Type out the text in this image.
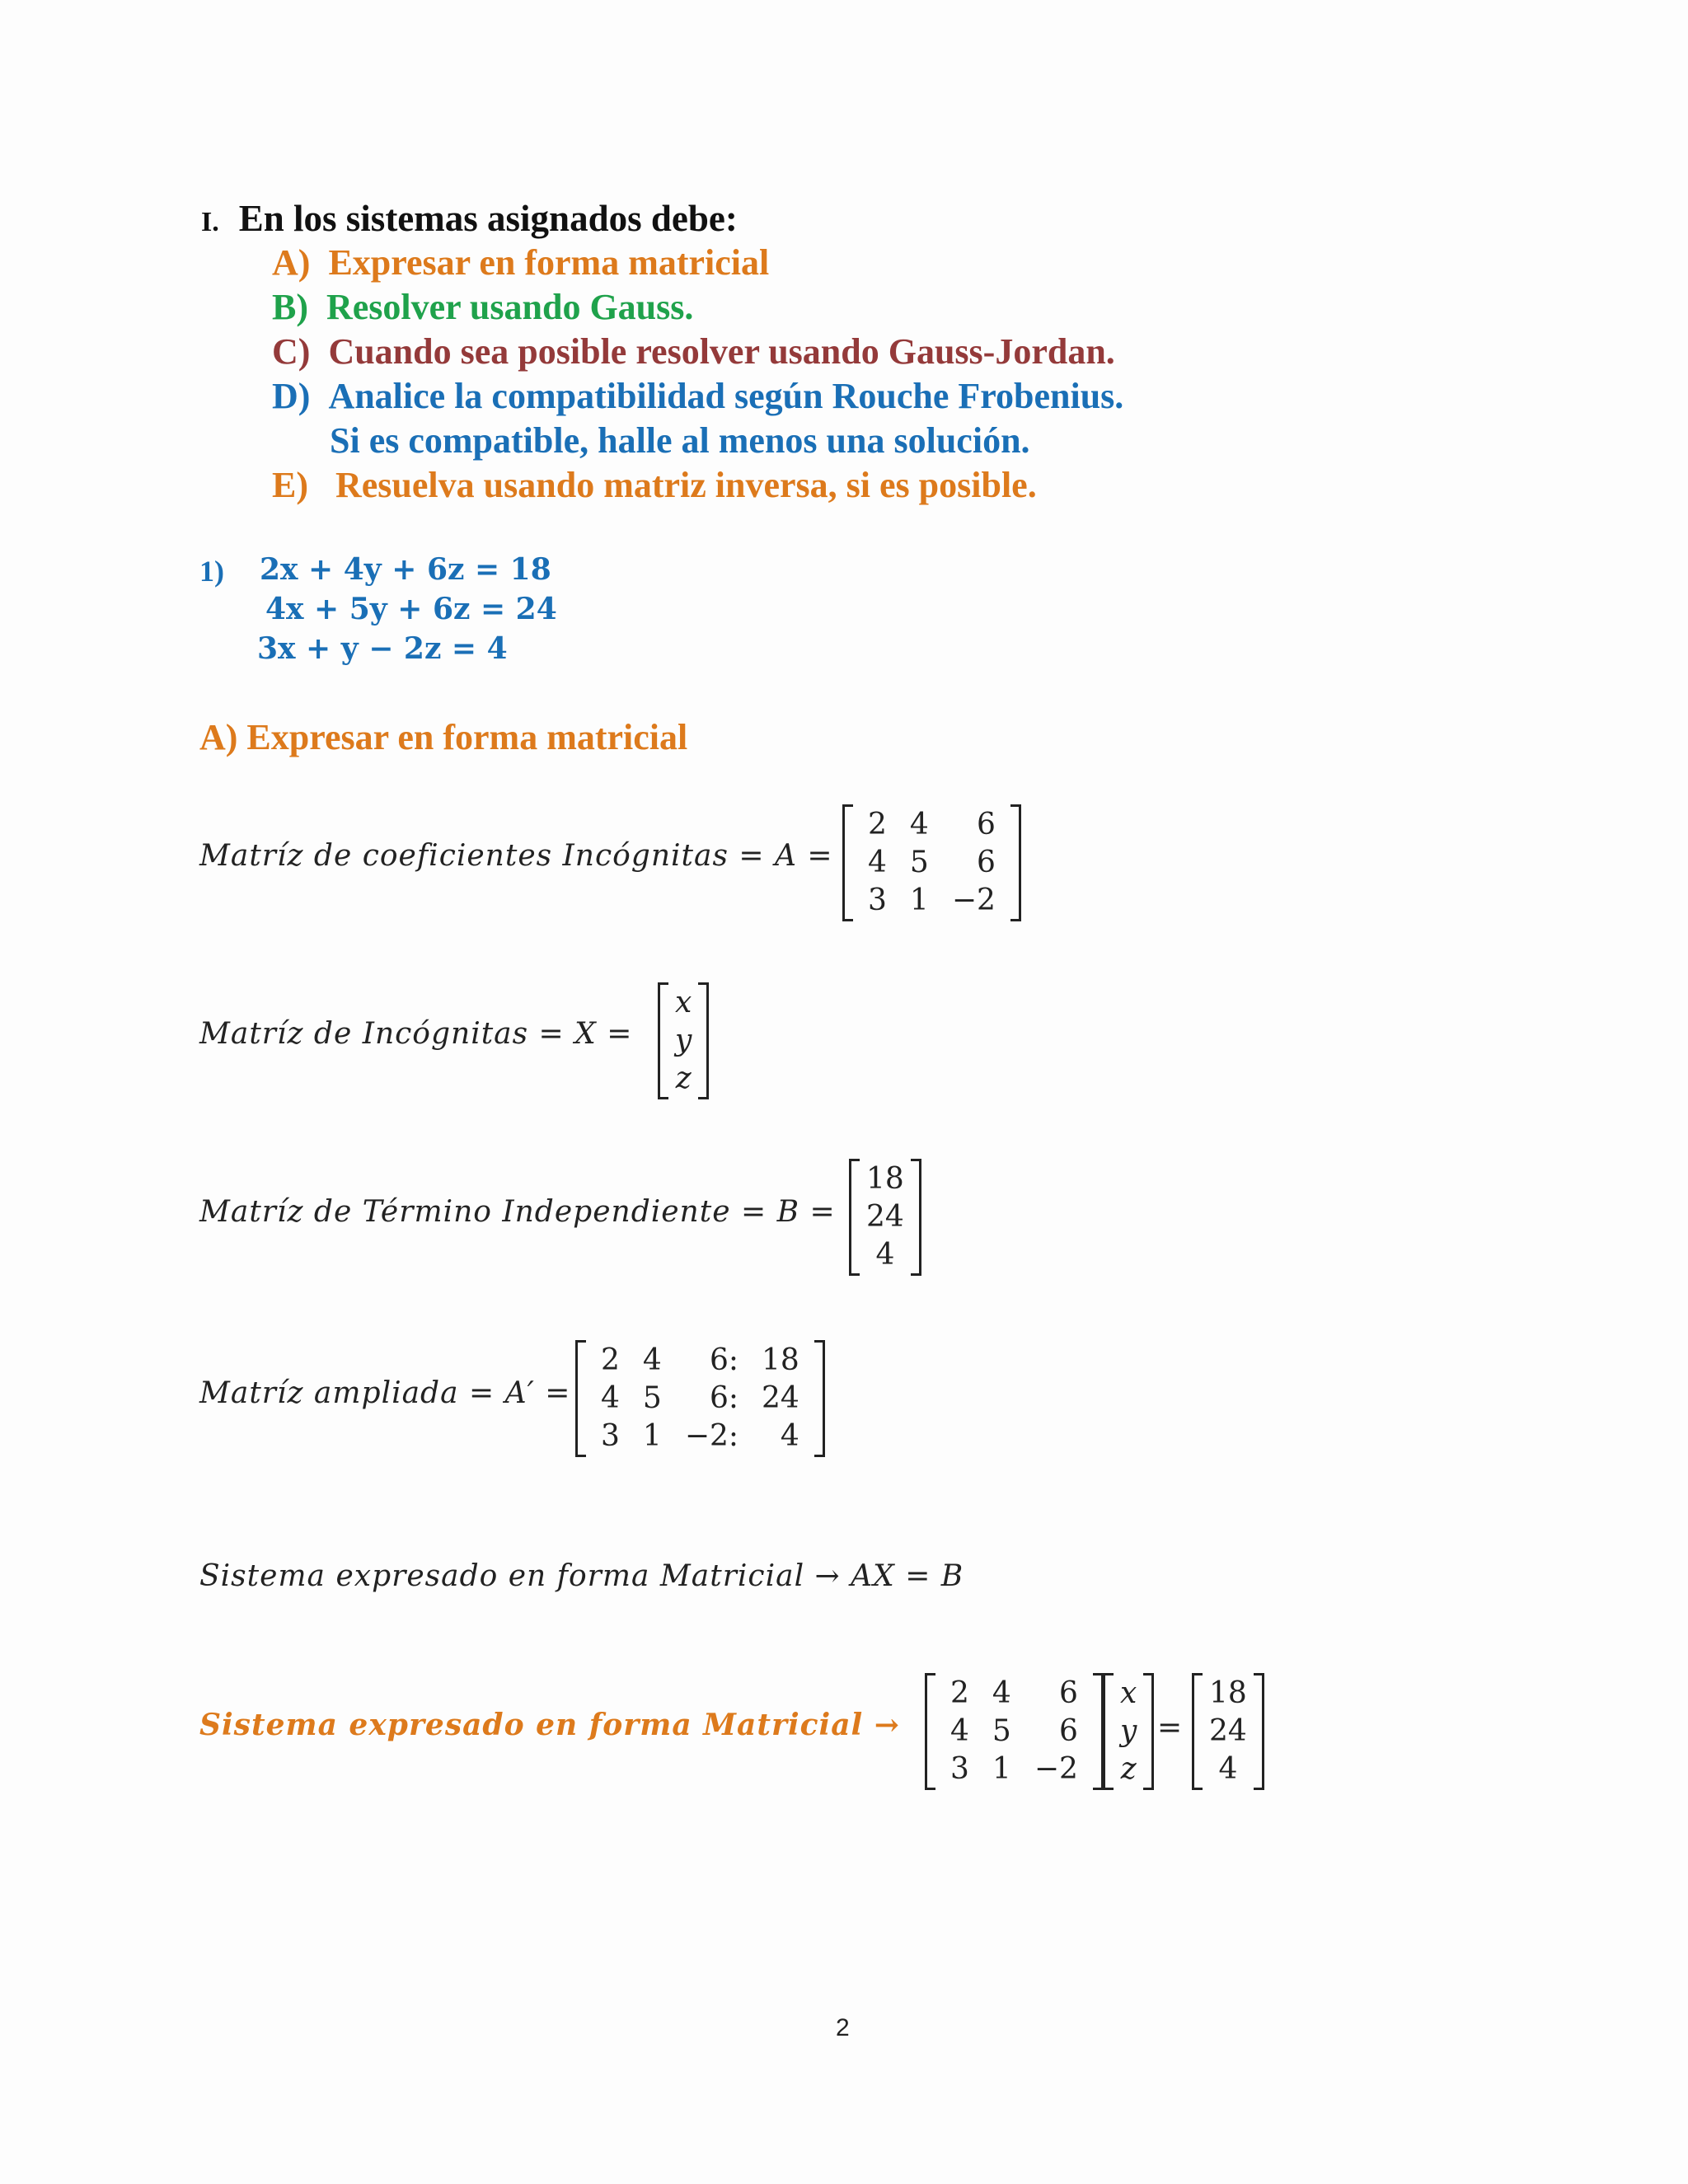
I. En los sistemas asignados debe:
A) Expresar en forma matricial
B) Resolver usando Gauss.
C) Cuando sea posible resolver usando Gauss-Jordan.
D) Analice la compatibilidad según Rouche Frobenius.
Si es compatible, halle al menos una solución.
E) Resuelva usando matriz inversa, si es posible.
1) 2x + 4y + 6z = 18
4x + 5y + 6z = 24
3x + y − 2z = 4
A) Expresar en forma matricial
Matríz de coeficientes Incógnitas = A =
2 4	6
4 5	6
3 1 −2
Matríz de Incógnitas = X =
x
y
z
Matríz de Término Independiente = B =
18
24
4
Matríz ampliada = A′ =
2 4	6: 18
4 5	6: 24
3 1 −2:	4
Sistema expresado en forma Matricial → AX = B
Sistema expresado en forma Matricial →
2 4	6
4 5	6
3 1 −2
x
y
z
=
18
24
4
2
